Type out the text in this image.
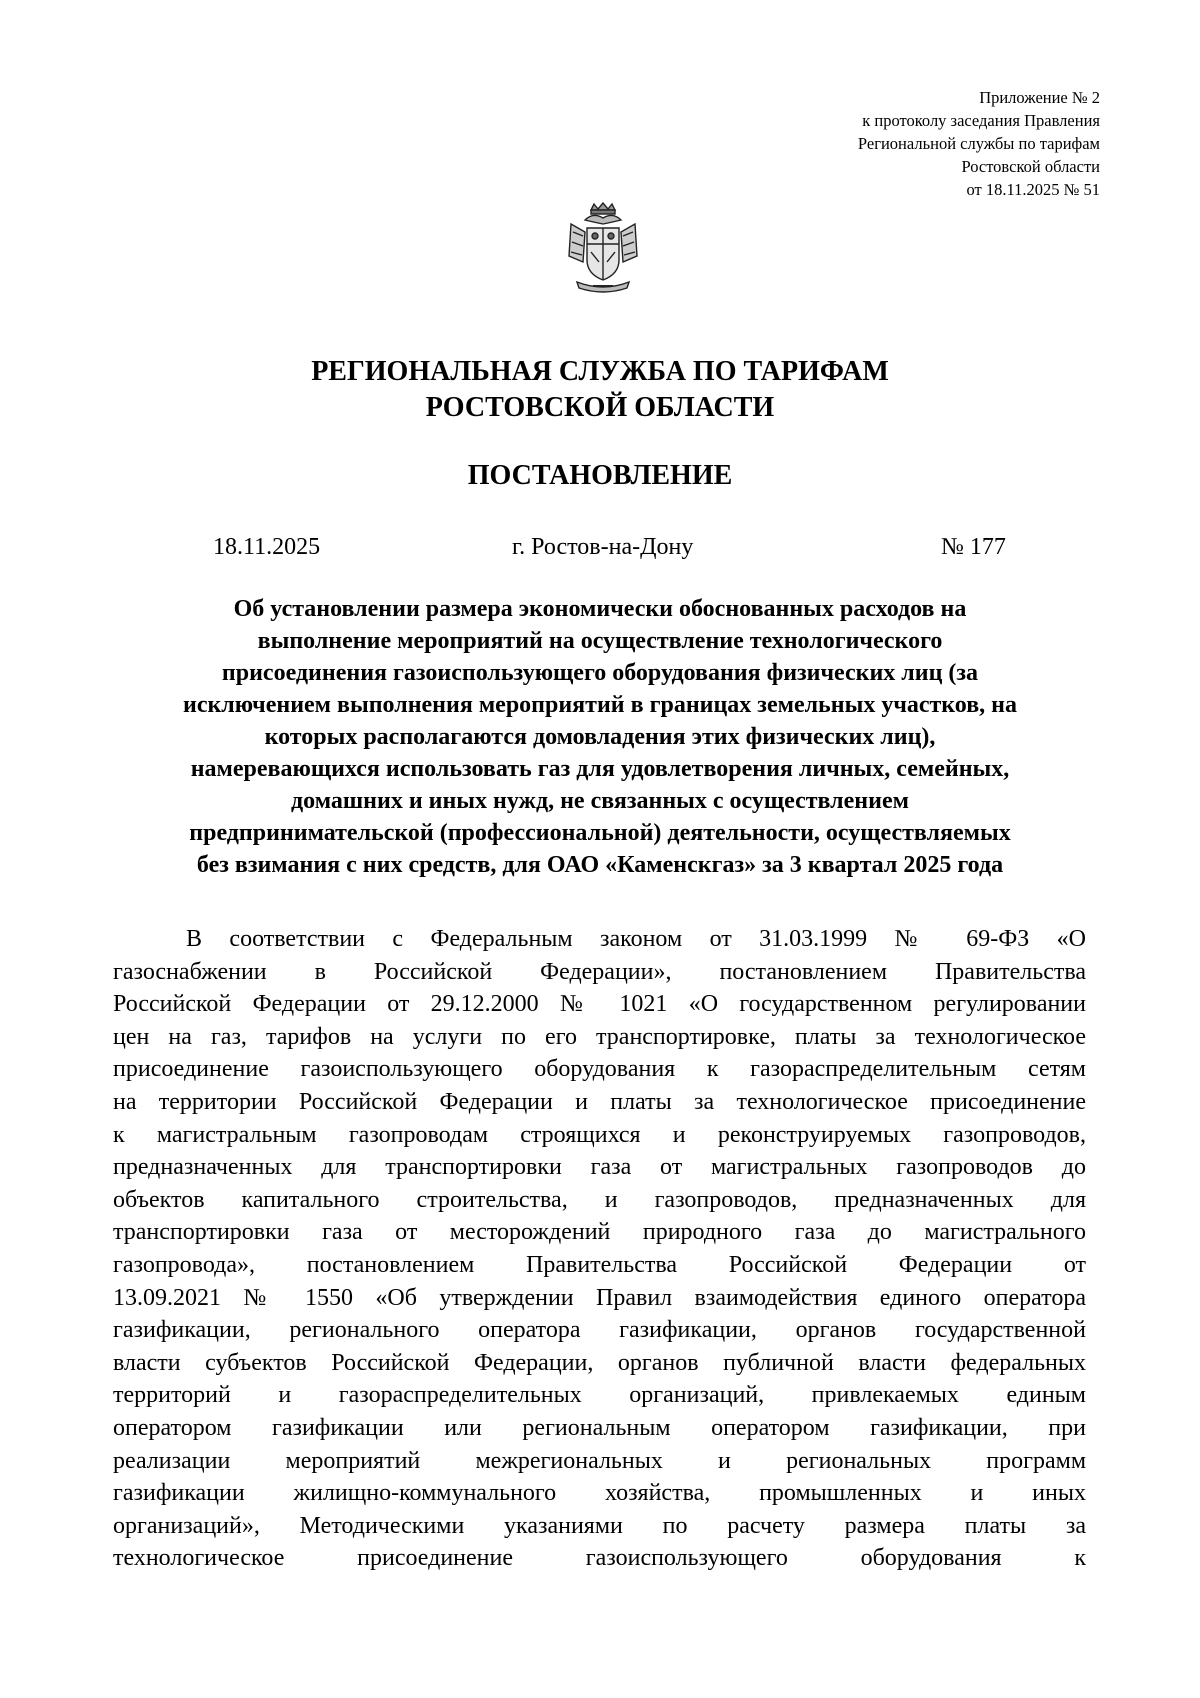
Приложение № 2
к протоколу заседания Правления
Региональной службы по тарифам
Ростовской области
от 18.11.2025 № 51
РЕГИОНАЛЬНАЯ СЛУЖБА ПО ТАРИФАМ
РОСТОВСКОЙ ОБЛАСТИ
ПОСТАНОВЛЕНИЕ
18.11.2025	г. Ростов-на-Дону	№ 177
Об установлении размера экономически обоснованных расходов на
выполнение мероприятий на осуществление технологического
присоединения газоиспользующего оборудования физических лиц (за
исключением выполнения мероприятий в границах земельных участков, на
которых располагаются домовладения этих физических лиц),
намеревающихся использовать газ для удовлетворения личных, семейных,
домашних и иных нужд, не связанных с осуществлением
предпринимательской (профессиональной) деятельности, осуществляемых
без взимания с них средств, для ОАО «Каменскгаз» за 3 квартал 2025 года
В соответствии с Федеральным законом от 31.03.1999 № 69-ФЗ «О
газоснабжении в Российской Федерации», постановлением Правительства
Российской Федерации от 29.12.2000 № 1021 «О государственном регулировании
цен на газ, тарифов на услуги по его транспортировке, платы за технологическое
присоединение газоиспользующего оборудования к газораспределительным сетям
на территории Российской Федерации и платы за технологическое присоединение
к магистральным газопроводам строящихся и реконструируемых газопроводов,
предназначенных для транспортировки газа от магистральных газопроводов до
объектов капитального строительства, и газопроводов, предназначенных для
транспортировки газа от месторождений природного газа до магистрального
газопровода», постановлением Правительства Российской Федерации от
13.09.2021 № 1550 «Об утверждении Правил взаимодействия единого оператора
газификации, регионального оператора газификации, органов государственной
власти субъектов Российской Федерации, органов публичной власти федеральных
территорий и газораспределительных организаций, привлекаемых единым
оператором газификации или региональным оператором газификации, при
реализации мероприятий межрегиональных и региональных программ
газификации жилищно-коммунального хозяйства, промышленных и иных
организаций», Методическими указаниями по расчету размера платы за
технологическое присоединение газоиспользующего оборудования к
